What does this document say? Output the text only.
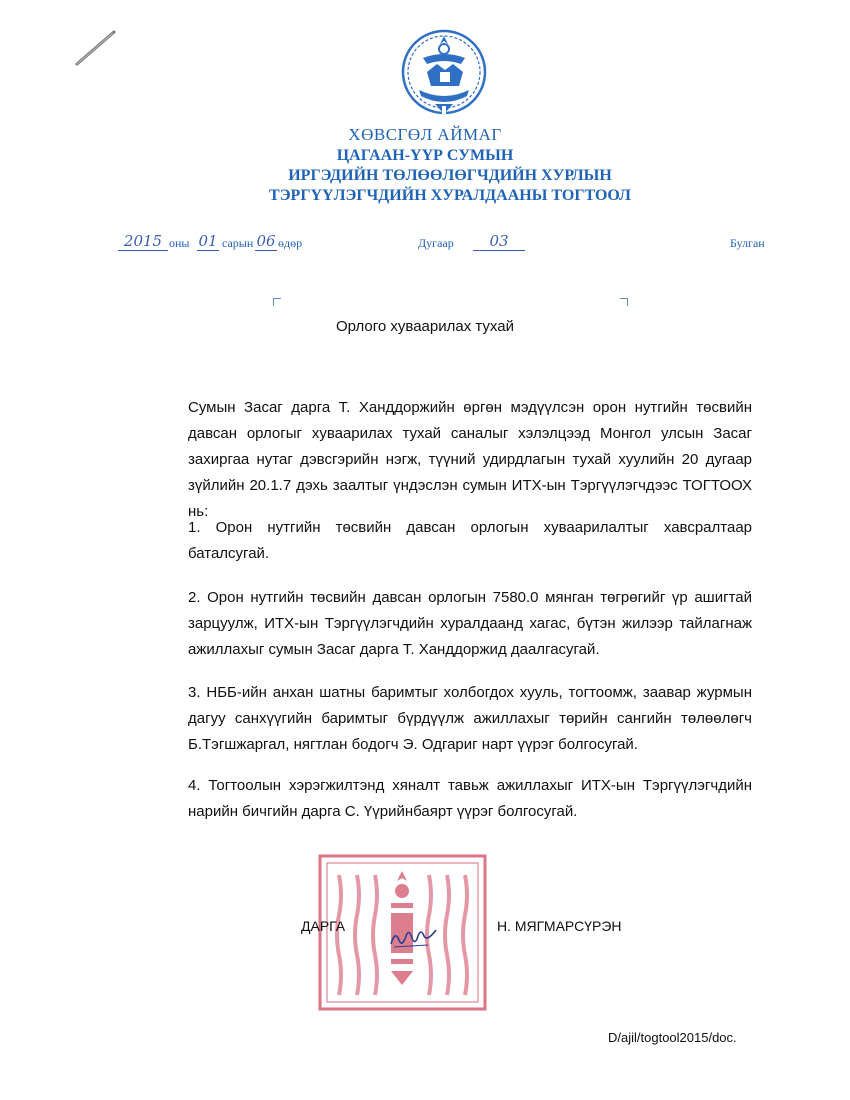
ХӨВСГӨЛ АЙМАГ
ЦАГААН-ҮҮР СУМЫН
ИРГЭДИЙН ТӨЛӨӨЛӨГЧДИЙН ХУРЛЫН
ТЭРГҮҮЛЭГЧДИЙН ХУРАЛДААНЫ ТОГТООЛ
2015 оны 01 сарын 06 өдөр	Дугаар	03	Булган
Орлого хуваарилах тухай
Сумын Засаг дарга Т. Ханддоржийн өргөн мэдүүлсэн орон нутгийн төсвийн давсан орлогыг хуваарилах тухай саналыг хэлэлцээд Монгол улсын Засаг захиргаа нутаг дэвсгэрийн нэгж, түүний удирдлагын тухай хуулийн 20 дугаар зүйлийн 20.1.7 дэхь заалтыг үндэслэн сумын ИТХ-ын Тэргүүлэгчдээс ТОГТООХ нь:
1. Орон нутгийн төсвийн давсан орлогын хуваарилалтыг хавсралтаар баталсугай.
2. Орон нутгийн төсвийн давсан орлогын 7580.0 мянган төгрөгийг үр ашигтай зарцуулж, ИТХ-ын Тэргүүлэгчдийн хуралдаанд хагас, бүтэн жилээр тайлагнаж ажиллахыг сумын Засаг дарга Т. Ханддоржид даалгасугай.
3. НББ-ийн анхан шатны баримтыг холбогдох хууль, тогтоомж, заавар журмын дагуу санхүүгийн баримтыг бүрдүүлж ажиллахыг төрийн сангийн төлөөлөгч Б.Тэгшжаргал, нягтлан бодогч Э. Одгариг нарт үүрэг болгосугай.
4. Тогтоолын хэрэгжилтэнд хяналт тавьж ажиллахыг ИТХ-ын Тэргүүлэгчдийн нарийн бичгийн дарга С. Үүрийнбаярт үүрэг болгосугай.
ДАРГА	Н. МЯГМАРСҮРЭН
D/ajil/togtool2015/doc.
